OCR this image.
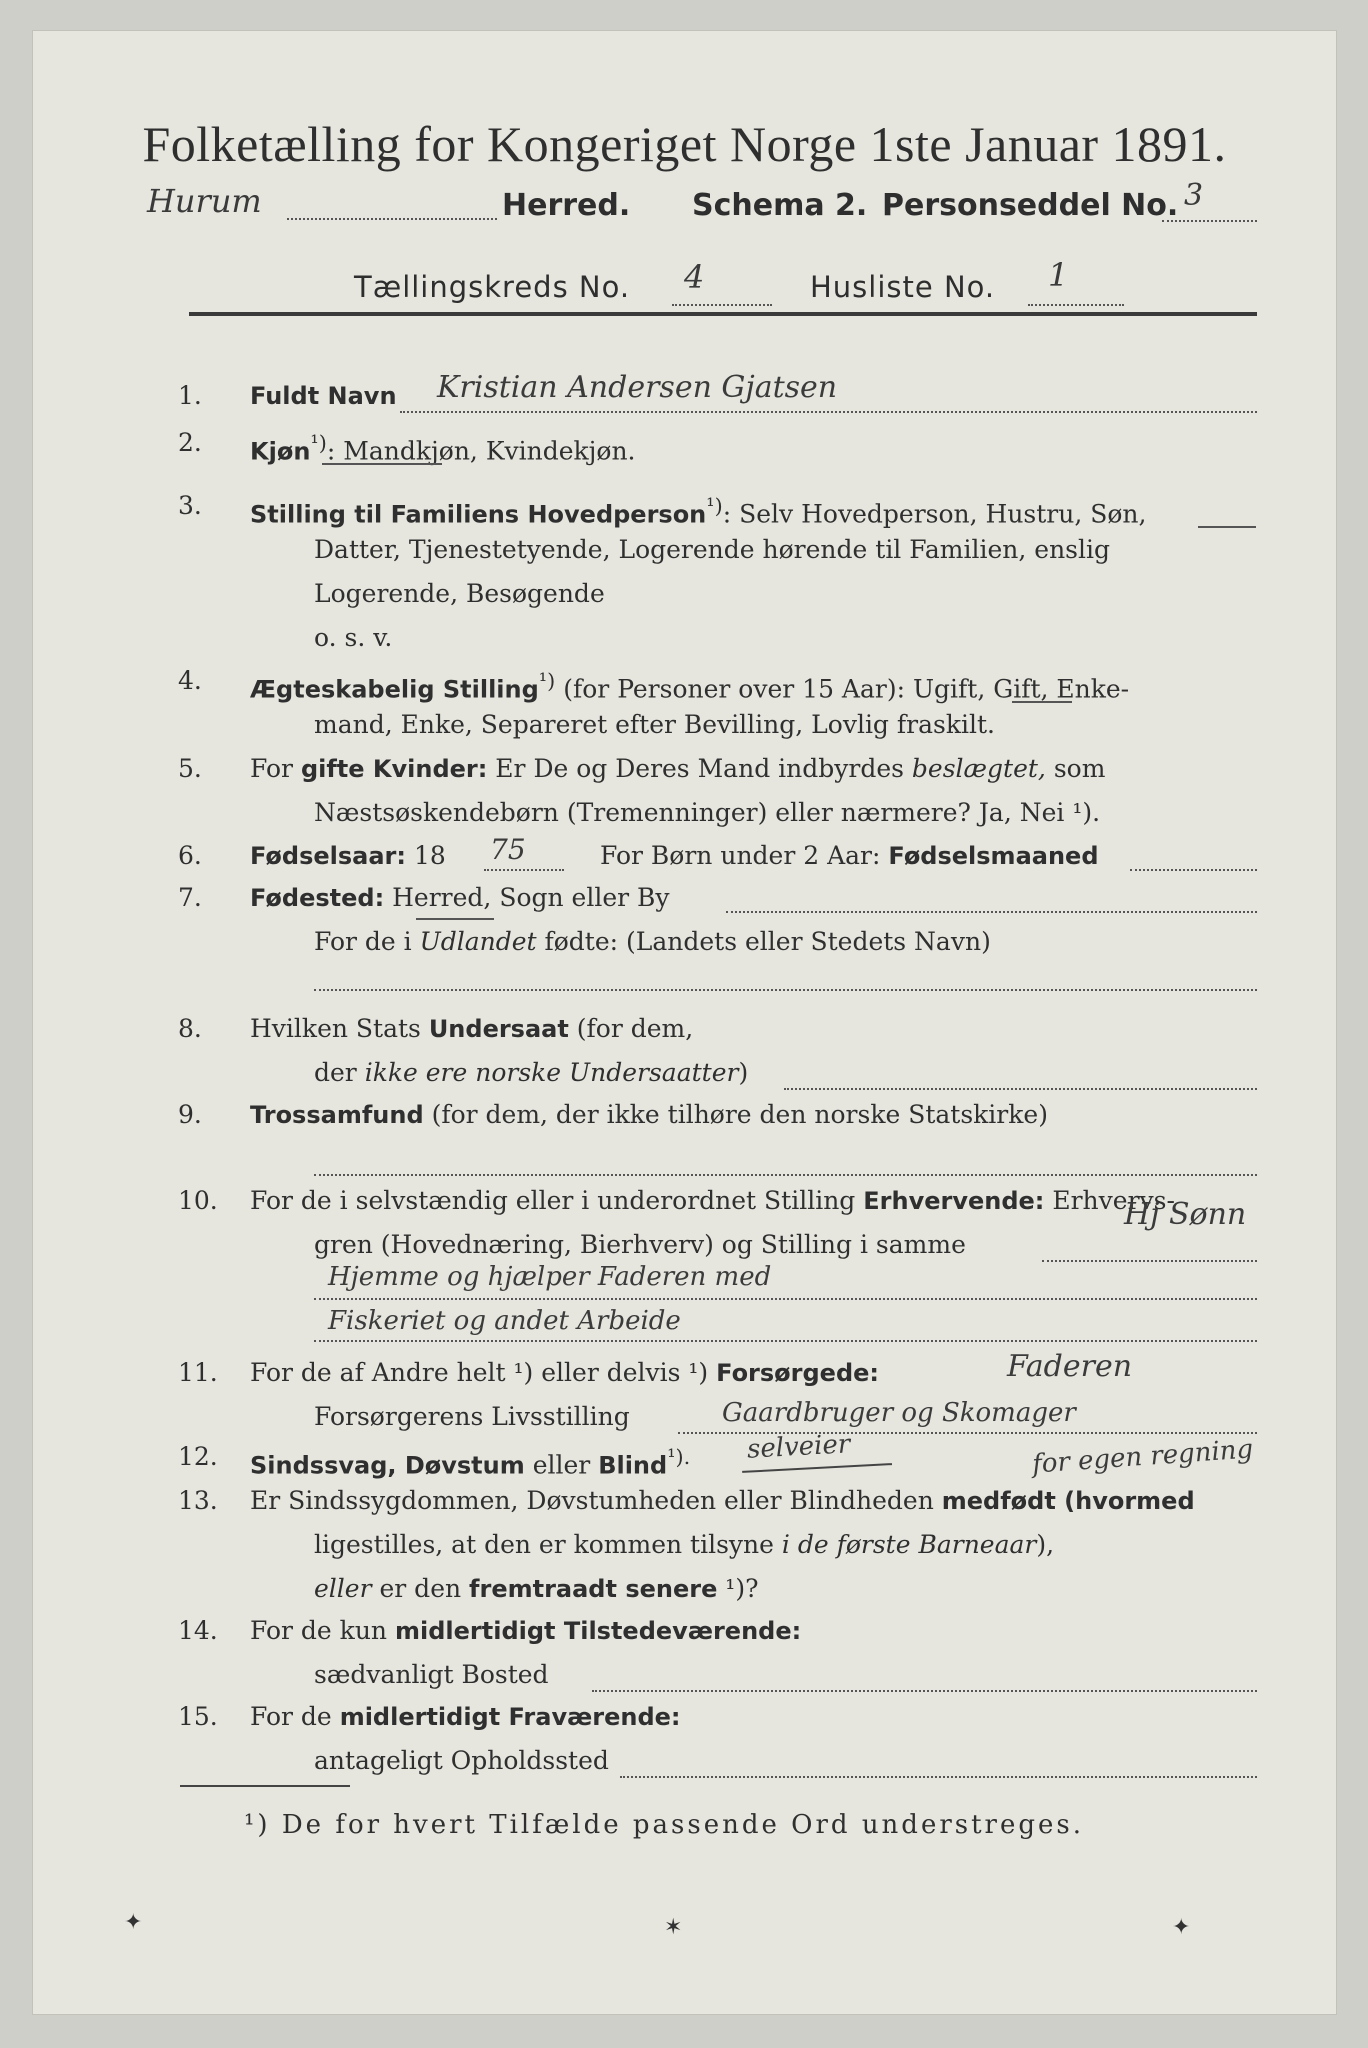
Folketælling for Kongeriget Norge 1ste Januar 1891.
Hurum	Herred. Schema 2. Personseddel No. 3
Tællingskreds No. 4	Husliste No. 1
1.	Fuldt Navn Kristian Andersen Gjatsen
2.	Kjøn$^{^1)}$: Mandkjøn, Kvindekjøn.
3.	Stilling til Familiens Hovedperson$^{^1)}$: Selv Hovedperson, Hustru, Søn,
Datter, Tjenestetyende, Logerende hørende til Familien, enslig
Logerende, Besøgende
o. s. v.
4.	Ægteskabelig Stilling$^{^1)}$ (for Personer over 15 Aar): Ugift, Gift, Enke-
mand, Enke, Separeret efter Bevilling, Lovlig fraskilt.
5.	For gifte Kvinder: Er De og Deres Mand indbyrdes beslægtet, som
Næstsøskendebørn (Tremenninger) eller nærmere? Ja, Nei ¹).
6.	Fødselsaar: 18 75	For Børn under 2 Aar: Fødselsmaaned
7.	Fødested: Herred, Sogn eller By
For de i Udlandet fødte: (Landets eller Stedets Navn)
8.	Hvilken Stats Undersaat (for dem,
der ikke ere norske Undersaatter)
9.	Trossamfund (for dem, der ikke tilhøre den norske Statskirke)
10.	For de i selvstændig eller i underordnet Stilling Erhvervende: Erhvervs-
gren (Hovednæring, Bierhverv) og Stilling i samme
Hj Sønn
Hjemme og hjælper Faderen med
Fiskeriet og andet Arbeide
11.	For de af Andre helt ¹) eller delvis ¹) Forsørgede:	Faderen
Forsørgerens Livsstilling	Gaardbruger og Skomager
12.	Sindssvag, Døvstum eller Blind$^{^1).}$ selveier	for egen regning
13.	Er Sindssygdommen, Døvstumheden eller Blindheden medfødt (hvormed
ligestilles, at den er kommen tilsyne i de første Barneaar),
eller er den fremtraadt senere ¹)?
14.	For de kun midlertidigt Tilstedeværende:
sædvanligt Bosted
15.	For de midlertidigt Fraværende:
antageligt Opholdssted
¹) De for hvert Tilfælde passende Ord understreges.
✦	✶	✦
